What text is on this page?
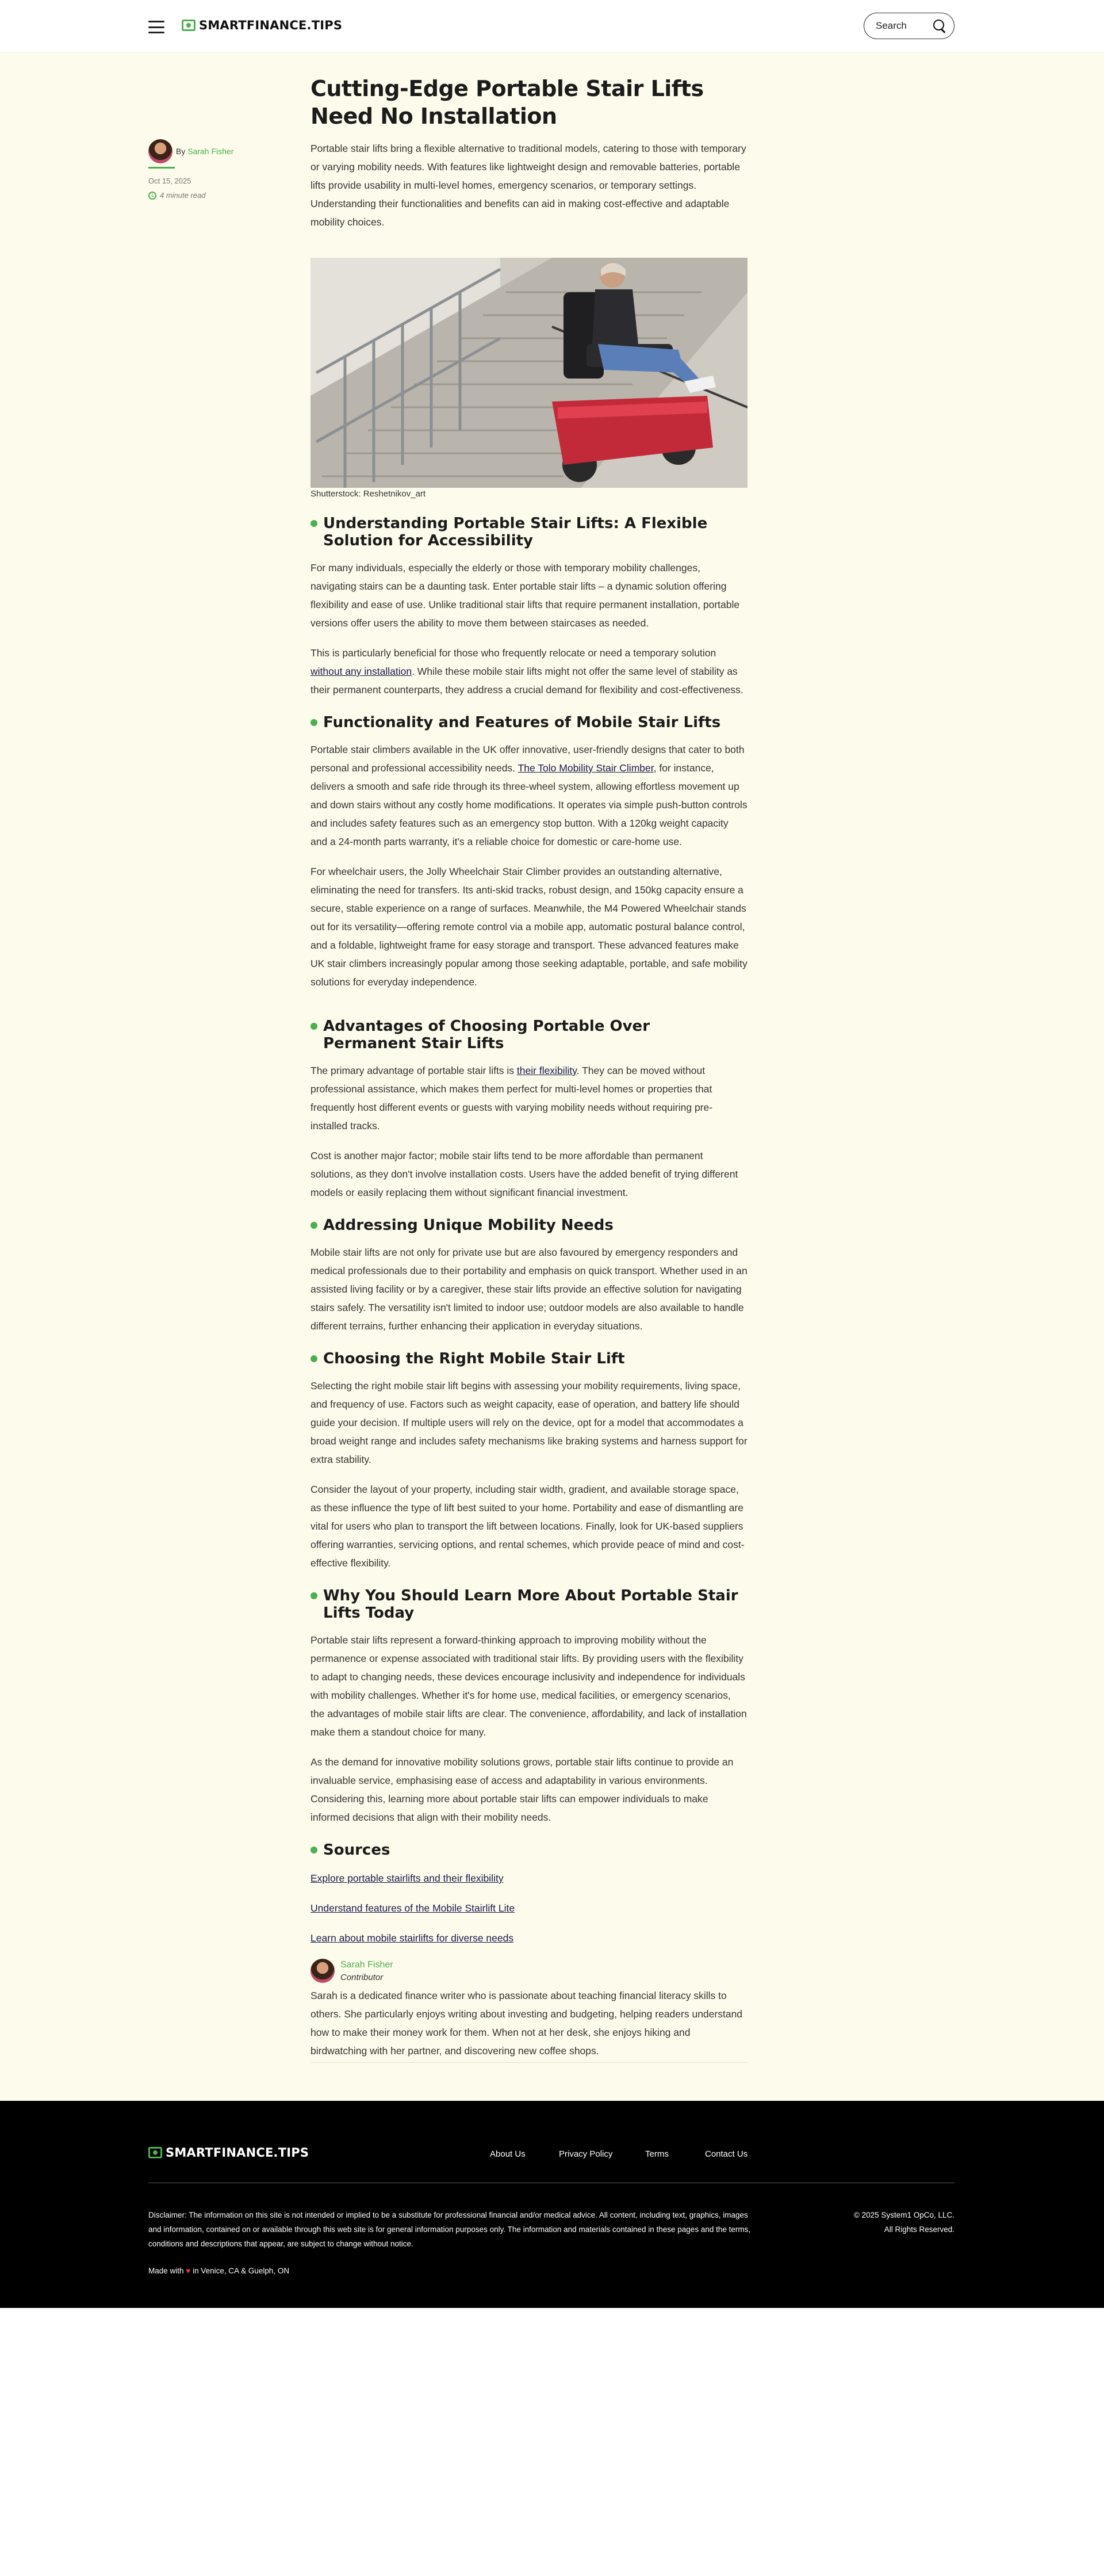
SMARTFINANCE.TIPS
Search
By Sarah Fisher
Oct 15, 2025
4 minute read
Cutting-Edge Portable Stair Lifts Need No Installation

Portable stair lifts bring a flexible alternative to traditional models, catering to those with temporary or varying mobility needs. With features like lightweight design and removable batteries, portable lifts provide usability in multi-level homes, emergency scenarios, or temporary settings. Understanding their functionalities and benefits can aid in making cost-effective and adaptable mobility choices.

Shutterstock: Reshetnikov_art
Understanding Portable Stair Lifts: A Flexible Solution for Accessibility

For many individuals, especially the elderly or those with temporary mobility challenges, navigating stairs can be a daunting task. Enter portable stair lifts – a dynamic solution offering flexibility and ease of use. Unlike traditional stair lifts that require permanent installation, portable versions offer users the ability to move them between staircases as needed.

This is particularly beneficial for those who frequently relocate or need a temporary solution without any installation. While these mobile stair lifts might not offer the same level of stability as their permanent counterparts, they address a crucial demand for flexibility and cost-effectiveness.

Functionality and Features of Mobile Stair Lifts

Portable stair climbers available in the UK offer innovative, user-friendly designs that cater to both personal and professional accessibility needs. The Tolo Mobility Stair Climber, for instance, delivers a smooth and safe ride through its three-wheel system, allowing effortless movement up and down stairs without any costly home modifications. It operates via simple push-button controls and includes safety features such as an emergency stop button. With a 120kg weight capacity and a 24-month parts warranty, it's a reliable choice for domestic or care-home use.

For wheelchair users, the Jolly Wheelchair Stair Climber provides an outstanding alternative, eliminating the need for transfers. Its anti-skid tracks, robust design, and 150kg capacity ensure a secure, stable experience on a range of surfaces. Meanwhile, the M4 Powered Wheelchair stands out for its versatility—offering remote control via a mobile app, automatic postural balance control, and a foldable, lightweight frame for easy storage and transport. These advanced features make UK stair climbers increasingly popular among those seeking adaptable, portable, and safe mobility solutions for everyday independence.

Advantages of Choosing Portable Over Permanent Stair Lifts

The primary advantage of portable stair lifts is their flexibility. They can be moved without professional assistance, which makes them perfect for multi-level homes or properties that frequently host different events or guests with varying mobility needs without requiring pre-installed tracks.

Cost is another major factor; mobile stair lifts tend to be more affordable than permanent solutions, as they don't involve installation costs. Users have the added benefit of trying different models or easily replacing them without significant financial investment.

Addressing Unique Mobility Needs

Mobile stair lifts are not only for private use but are also favoured by emergency responders and medical professionals due to their portability and emphasis on quick transport. Whether used in an assisted living facility or by a caregiver, these stair lifts provide an effective solution for navigating stairs safely. The versatility isn't limited to indoor use; outdoor models are also available to handle different terrains, further enhancing their application in everyday situations.

Choosing the Right Mobile Stair Lift

Selecting the right mobile stair lift begins with assessing your mobility requirements, living space, and frequency of use. Factors such as weight capacity, ease of operation, and battery life should guide your decision. If multiple users will rely on the device, opt for a model that accommodates a broad weight range and includes safety mechanisms like braking systems and harness support for extra stability.

Consider the layout of your property, including stair width, gradient, and available storage space, as these influence the type of lift best suited to your home. Portability and ease of dismantling are vital for users who plan to transport the lift between locations. Finally, look for UK-based suppliers offering warranties, servicing options, and rental schemes, which provide peace of mind and cost-effective flexibility.

Why You Should Learn More About Portable Stair Lifts Today

Portable stair lifts represent a forward-thinking approach to improving mobility without the permanence or expense associated with traditional stair lifts. By providing users with the flexibility to adapt to changing needs, these devices encourage inclusivity and independence for individuals with mobility challenges. Whether it's for home use, medical facilities, or emergency scenarios, the advantages of mobile stair lifts are clear. The convenience, affordability, and lack of installation make them a standout choice for many.

As the demand for innovative mobility solutions grows, portable stair lifts continue to provide an invaluable service, emphasising ease of access and adaptability in various environments. Considering this, learning more about portable stair lifts can empower individuals to make informed decisions that align with their mobility needs.

Sources

Explore portable stairlifts and their flexibility

Understand features of the Mobile Stairlift Lite

Learn about mobile stairlifts for diverse needs

Sarah Fisher
Contributor

Sarah is a dedicated finance writer who is passionate about teaching financial literacy skills to others. She particularly enjoys writing about investing and budgeting, helping readers understand how to make their money work for them. When not at her desk, she enjoys hiking and birdwatching with her partner, and discovering new coffee shops.

SMARTFINANCE.TIPS	About Us	Privacy Policy	Terms	Contact Us

Disclaimer: The information on this site is not intended or implied to be a substitute for professional financial and/or medical advice. All content, including text, graphics, images and information, contained on or available through this web site is for general information purposes only. The information and materials contained in these pages and the terms, conditions and descriptions that appear, are subject to change without notice.

© 2025 System1 OpCo, LLC.
All Rights Reserved.
Made with ♥ in Venice, CA & Guelph, ON
